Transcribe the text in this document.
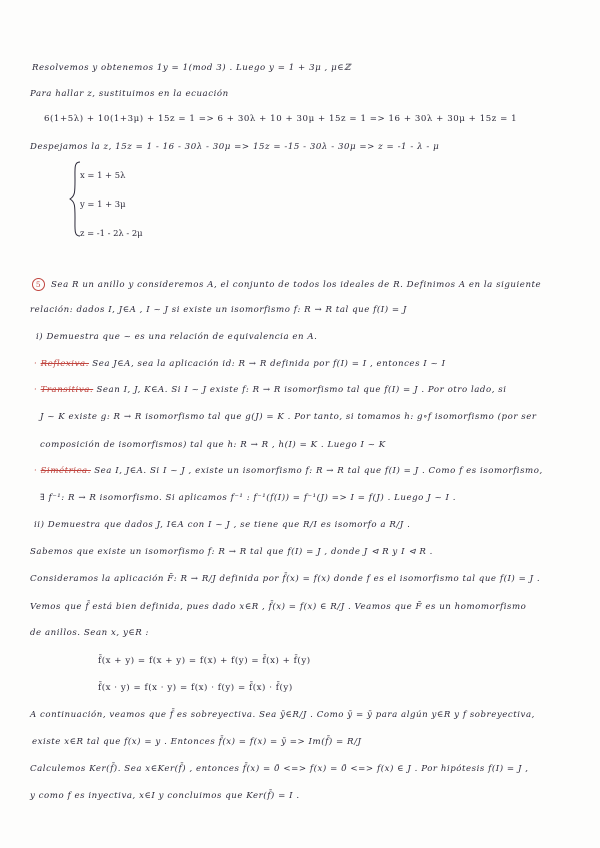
Resolvemos y obtenemos 1y = 1(mod 3) . Luego y = 1 + 3μ , μ∈ℤ
Para hallar z, sustituimos en la ecuación
6(1+5λ) + 10(1+3μ) + 15z = 1 => 6 + 30λ + 10 + 30μ + 15z = 1 => 16 + 30λ + 30μ + 15z = 1
Despejamos la z, 15z = 1 - 16 - 30λ - 30μ => 15z = -15 - 30λ - 30μ => z = -1 - λ - μ
x = 1 + 5λ
y = 1 + 3μ
z = -1 - 2λ - 2μ
5 Sea R un anillo y consideremos A, el conjunto de todos los ideales de R. Definimos A en la siguiente
relación: dados I, J∈A , I ~ J si existe un isomorfismo f: R → R tal que f(I) = J
i) Demuestra que ~ es una relación de equivalencia en A.
· Reflexiva. Sea J∈A, sea la aplicación id: R → R definida por f(I) = I , entonces I ~ I
· Transitiva. Sean I, J, K∈A. Si I ~ J existe f: R → R isomorfismo tal que f(I) = J . Por otro lado, si
J ~ K existe g: R → R isomorfismo tal que g(J) = K . Por tanto, si tomamos h: g∘f isomorfismo (por ser
composición de isomorfismos) tal que h: R → R , h(I) = K . Luego I ~ K
· Simétrica. Sea I, J∈A. Si I ~ J , existe un isomorfismo f: R → R tal que f(I) = J . Como f es isomorfismo,
∃ f⁻¹: R → R isomorfismo. Si aplicamos f⁻¹ : f⁻¹(f(I)) = f⁻¹(J) => I = f(J) . Luego J ~ I .
ii) Demuestra que dados J, I∈A con I ~ J , se tiene que R/I es isomorfo a R/J .
Sabemos que existe un isomorfismo f: R → R tal que f(I) = J , donde J ⊲ R y I ⊲ R .
Consideramos la aplicación F̄: R → R/J definida por f̄(x) = f(x) donde f es el isomorfismo tal que f(I) = J .
Vemos que f̄ está bien definida, pues dado x∈R , f̄(x) = f(x) ∈ R/J . Veamos que F̄ es un homomorfismo
de anillos. Sean x, y∈R :
f̄(x + y) = f(x + y) = f(x) + f(y) = f̄(x) + f̄(y)
f̄(x · y) = f(x · y) = f(x) · f(y) = f̄(x) · f̄(y)
A continuación, veamos que f̄ es sobreyectiva. Sea ȳ∈R/J . Como ȳ = ȳ para algún y∈R y f sobreyectiva,
existe x∈R tal que f(x) = y . Entonces f̄(x) = f(x) = ȳ => Im(f̄) = R/J
Calculemos Ker(f̄). Sea x∈Ker(f̄) , entonces f̄(x) = 0̄ <=> f(x) = 0̄ <=> f(x) ∈ J . Por hipótesis f(I) = J ,
y como f es inyectiva, x∈I y concluimos que Ker(f̄) = I .
